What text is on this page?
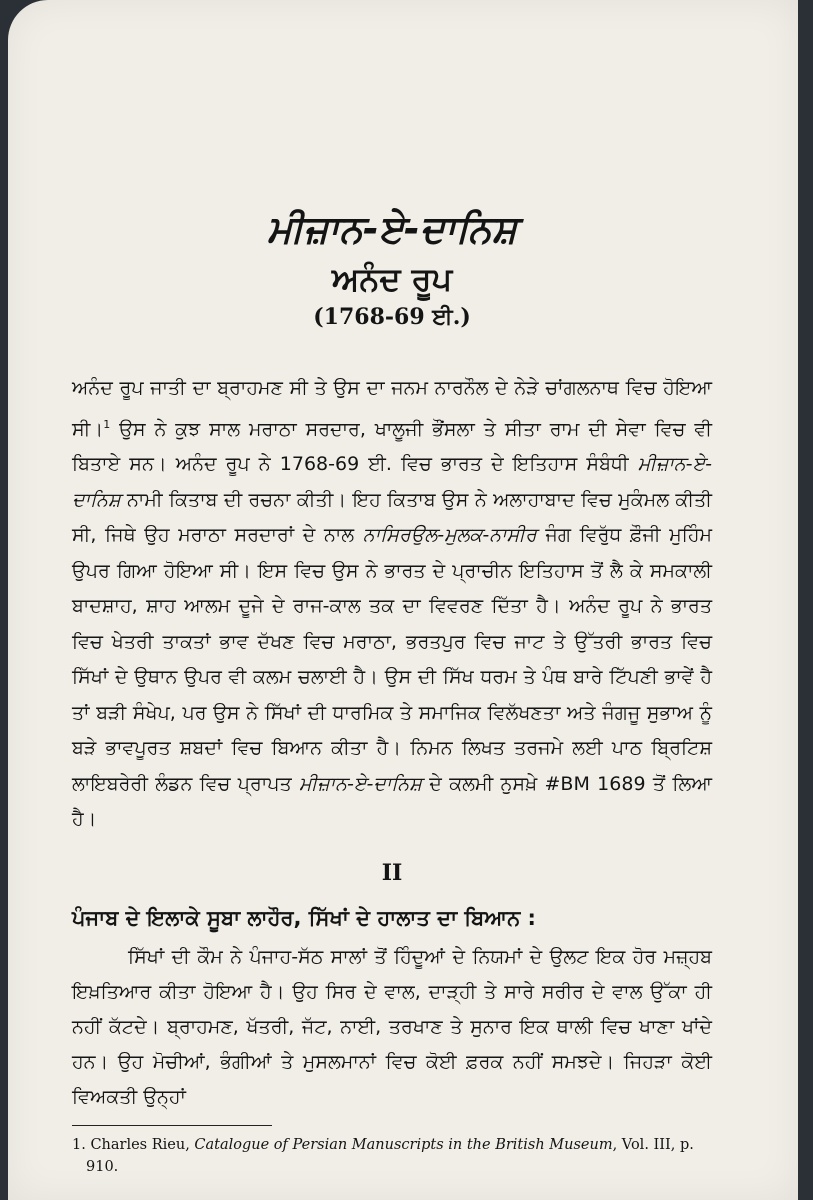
ਮੀਜ਼ਾਨ-ਏ-ਦਾਨਿਸ਼
ਅਨੰਦ ਰੂਪ
(1768-69 ਈ.)

ਅਨੰਦ ਰੂਪ ਜਾਤੀ ਦਾ ਬ੍ਰਾਹਮਣ ਸੀ ਤੇ ਉਸ ਦਾ ਜਨਮ ਨਾਰਨੌਲ ਦੇ ਨੇੜੇ ਚਾਂਗਲਨਾਥ ਵਿਚ ਹੋਇਆ ਸੀ।$^1$ ਉਸ ਨੇ ਕੁਝ ਸਾਲ ਮਰਾਠਾ ਸਰਦਾਰ, ਖਾਲੂਜੀ ਭੌਂਸਲਾ ਤੇ ਸੀਤਾ ਰਾਮ ਦੀ ਸੇਵਾ ਵਿਚ ਵੀ ਬਿਤਾਏ ਸਨ। ਅਨੰਦ ਰੂਪ ਨੇ 1768-69 ਈ. ਵਿਚ ਭਾਰਤ ਦੇ ਇਤਿਹਾਸ ਸੰਬੰਧੀ ਮੀਜ਼ਾਨ-ਏ-ਦਾਨਿਸ਼ ਨਾਮੀ ਕਿਤਾਬ ਦੀ ਰਚਨਾ ਕੀਤੀ। ਇਹ ਕਿਤਾਬ ਉਸ ਨੇ ਅਲਾਹਾਬਾਦ ਵਿਚ ਮੁਕੰਮਲ ਕੀਤੀ ਸੀ, ਜਿਥੇ ਉਹ ਮਰਾਠਾ ਸਰਦਾਰਾਂ ਦੇ ਨਾਲ ਨਾਸਿਰਉਲ-ਮੁਲਕ-ਨਾਸੀਰ ਜੰਗ ਵਿਰੁੱਧ ਫ਼ੌਜੀ ਮੁਹਿੰਮ ਉਪਰ ਗਿਆ ਹੋਇਆ ਸੀ। ਇਸ ਵਿਚ ਉਸ ਨੇ ਭਾਰਤ ਦੇ ਪ੍ਰਾਚੀਨ ਇਤਿਹਾਸ ਤੋਂ ਲੈ ਕੇ ਸਮਕਾਲੀ ਬਾਦਸ਼ਾਹ, ਸ਼ਾਹ ਆਲਮ ਦੂਜੇ ਦੇ ਰਾਜ-ਕਾਲ ਤਕ ਦਾ ਵਿਵਰਣ ਦਿੱਤਾ ਹੈ। ਅਨੰਦ ਰੂਪ ਨੇ ਭਾਰਤ ਵਿਚ ਖੇਤਰੀ ਤਾਕਤਾਂ ਭਾਵ ਦੱਖਣ ਵਿਚ ਮਰਾਠਾ, ਭਰਤਪੁਰ ਵਿਚ ਜਾਟ ਤੇ ਉੱਤਰੀ ਭਾਰਤ ਵਿਚ ਸਿੱਖਾਂ ਦੇ ਉਥਾਨ ਉਪਰ ਵੀ ਕਲਮ ਚਲਾਈ ਹੈ। ਉਸ ਦੀ ਸਿੱਖ ਧਰਮ ਤੇ ਪੰਥ ਬਾਰੇ ਟਿੱਪਣੀ ਭਾਵੇਂ ਹੈ ਤਾਂ ਬੜੀ ਸੰਖੇਪ, ਪਰ ਉਸ ਨੇ ਸਿੱਖਾਂ ਦੀ ਧਾਰਮਿਕ ਤੇ ਸਮਾਜਿਕ ਵਿਲੱਖਣਤਾ ਅਤੇ ਜੰਗਜੂ ਸੁਭਾਅ ਨੂੰ ਬੜੇ ਭਾਵਪੂਰਤ ਸ਼ਬਦਾਂ ਵਿਚ ਬਿਆਨ ਕੀਤਾ ਹੈ। ਨਿਮਨ ਲਿਖਤ ਤਰਜਮੇ ਲਈ ਪਾਠ ਬ੍ਰਿਟਿਸ਼ ਲਾਇਬਰੇਰੀ ਲੰਡਨ ਵਿਚ ਪ੍ਰਾਪਤ ਮੀਜ਼ਾਨ-ਏ-ਦਾਨਿਸ਼ ਦੇ ਕਲਮੀ ਨੁਸਖ਼ੇ #BM 1689 ਤੋਂ ਲਿਆ ਹੈ।

II
ਪੰਜਾਬ ਦੇ ਇਲਾਕੇ ਸੂਬਾ ਲਾਹੌਰ, ਸਿੱਖਾਂ ਦੇ ਹਾਲਾਤ ਦਾ ਬਿਆਨ :

ਸਿੱਖਾਂ ਦੀ ਕੌਮ ਨੇ ਪੰਜਾਹ-ਸੱਠ ਸਾਲਾਂ ਤੋਂ ਹਿੰਦੂਆਂ ਦੇ ਨਿਯਮਾਂ ਦੇ ਉਲਟ ਇਕ ਹੋਰ ਮਜ਼੍ਹਬ ਇਖ਼ਤਿਆਰ ਕੀਤਾ ਹੋਇਆ ਹੈ। ਉਹ ਸਿਰ ਦੇ ਵਾਲ, ਦਾੜ੍ਹੀ ਤੇ ਸਾਰੇ ਸਰੀਰ ਦੇ ਵਾਲ ਉੱਕਾ ਹੀ ਨਹੀਂ ਕੱਟਦੇ। ਬ੍ਰਾਹਮਣ, ਖੱਤਰੀ, ਜੱਟ, ਨਾਈ, ਤਰਖਾਣ ਤੇ ਸੁਨਾਰ ਇਕ ਥਾਲੀ ਵਿਚ ਖਾਣਾ ਖਾਂਦੇ ਹਨ। ਉਹ ਮੋਚੀਆਂ, ਭੰਗੀਆਂ ਤੇ ਮੁਸਲਮਾਨਾਂ ਵਿਚ ਕੋਈ ਫ਼ਰਕ ਨਹੀਂ ਸਮਝਦੇ। ਜਿਹੜਾ ਕੋਈ ਵਿਅਕਤੀ ਉਨ੍ਹਾਂ

1. Charles Rieu, Catalogue of Persian Manuscripts in the British Museum, Vol. III, p. 910.
